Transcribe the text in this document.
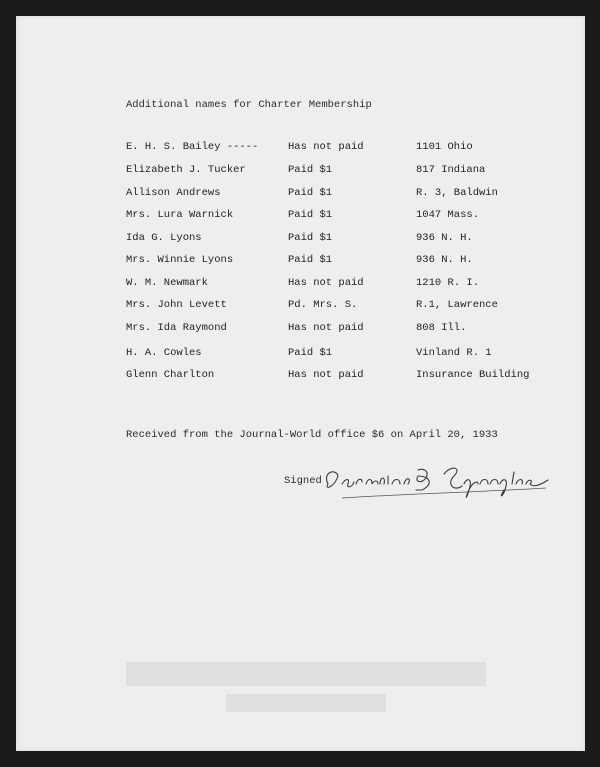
Additional names for Charter Membership
E. H. S. Bailey -----	Has not paid	1101 Ohio
Elizabeth J. Tucker	Paid $1	817 Indiana
Allison Andrews	Paid $1	R. 3, Baldwin
Mrs. Lura Warnick	Paid $1	1047 Mass.
Ida G. Lyons	Paid $1	936 N. H.
Mrs. Winnie Lyons	Paid $1	936 N. H.
W. M. Newmark	Has not paid	1210 R. I.
Mrs. John Levett	Pd. Mrs. S.	R.1, Lawrence
Mrs. Ida Raymond	Has not paid	808 Ill.
H. A. Cowles	Paid $1	Vinland R. 1
Glenn Charlton	Has not paid	Insurance Building
Received from the Journal-World office $6 on April 20, 1933
Signed
